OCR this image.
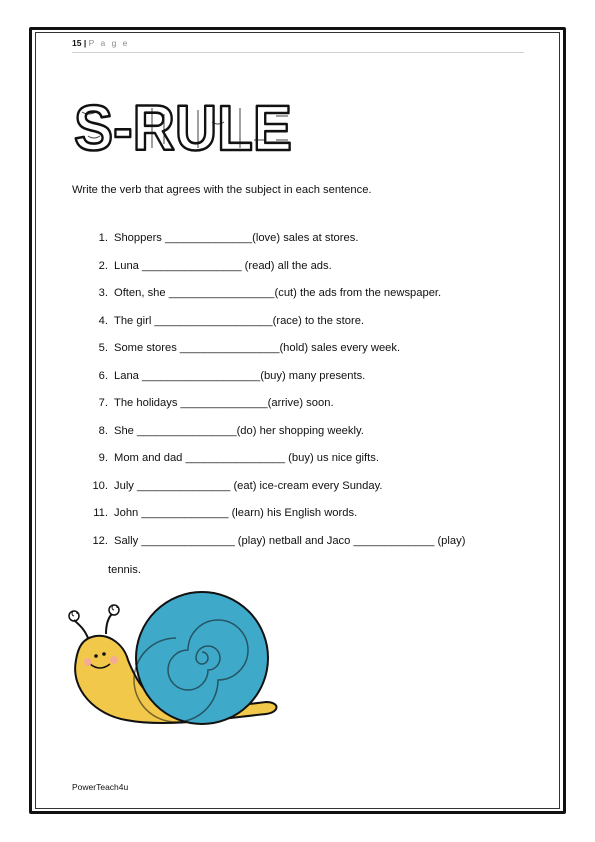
15 | P a g e
S-RULE
Write the verb that agrees with the subject in each sentence.
1. Shoppers ______________(love) sales at stores.
2. Luna ________________ (read) all the ads.
3. Often, she _________________(cut) the ads from the newspaper.
4. The girl ___________________(race) to the store.
5. Some stores ________________(hold) sales every week.
6. Lana ___________________(buy) many presents.
7. The holidays ______________(arrive) soon.
8. She ________________(do) her shopping weekly.
9. Mom and dad ________________ (buy) us nice gifts.
10. July _______________ (eat) ice-cream every Sunday.
11. John ______________ (learn) his English words.
12. Sally _______________ (play) netball and Jaco _____________ (play)
tennis.
PowerTeach4u
